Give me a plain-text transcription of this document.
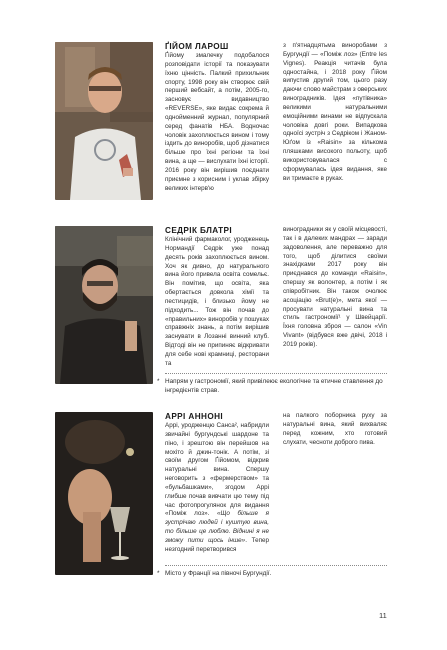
ҐІЙОМ ЛАРОШ

Ґійому змалечку подобалося розповідати історії та показувати їхню цінність. Палкий прихильник спорту, 1998 року він створює свій перший вебсайт, а потім, 2005-го, засновує видавництво «REVERSE», яке видає сокрема й однойменний журнал, популярний серед фанатів НБА. Водночас чоловік захоплюється вином і тому іздить до виноробів, щоб дізнатися більше про їхні регіони та їхні вина, а ще — вислухати їхні історії. 2016 року він вирішив поєднати приємне з корисним і уклав збірку великих інтерв'ю

з п'ятнадцятьма виноробами з Бургундії — «Поміж лоз» (Entre les Vignes). Реакція читачів була одностайна, і 2018 року Ґійом випустив другий том, цього разу даючи слово майстрам з оверських виноградників. Ідея «путівника» великими натуральними емоційними винами не відпускала чоловіка довгі роки. Випадкова одноїсі зустріч з Седріком і Жаном-Юґом із «Raisin» за кількома пляшками високого польоту, щоб використовувалася с сформувалась ідея видання, яке ви тримаєте в руках.

СЕДРІК БЛАТРІ

Клінічний фармаколог, уродженець Нормандії Седрік уже понад десять років захоплюється вином. Хоч як дивно, до натурального вина його привела освіта сомельє. Він помітив, що освіта, яка обертається довкола хімії та пестицидів, і близько йому не підходить... Тож він почав до «правильних» виноробів у пошуках справжніх знань, а потім вирішив заснувати в Лозанні винний клуб. Відтоді він не припиняє відкривати для себе нові крамниці, ресторани та

виноградники як у своїй місцевості, так і в далеких мандрах — заради задоволення, але переважно для того, щоб ділитися своїми знахідками 2017 року він приєднався до команди «Raisin», спершу як волонтер, а потім і як співробітник. Він також очолює асоціацію «Brut(e)», мета якої — просувати натуральні вина та стиль гастрономії¹ у Швейцарії. Їхня головна зброя — салон «Vin Vivant» (відбувся вже двічі, 2018 і 2019 років).

* Напрям у гастрономії, який привілеює екологічне та етичне ставлення до інгредієнтів страв.

АРРІ АННОНІ

Аррі, уродженцю Санса², набридли звичайні бургундські шардоне та піно, і зрештою він перейшов на мохіто й джин-тонік. А потім, зі своїм другом Ґійомом, відкрив натуральні вина. Спершу неговорить з «фермерством» та «бульбашками», згодом Аррі глибше почав вивчати цю тему під час фотопрогулянок для видання «Поміж лоз». «Що більше я зустрічаю людей і куштую вина, то більше це люблю. Віднині я не зможу пити щось інше». Тепер незгодний перетворився

на палкого поборника руху за натуральні вина, який вихваляє перед кожним, хто готовий слухати, чесноти доброго пива.

* Місто у Франції на півночі Бургундії.

11
